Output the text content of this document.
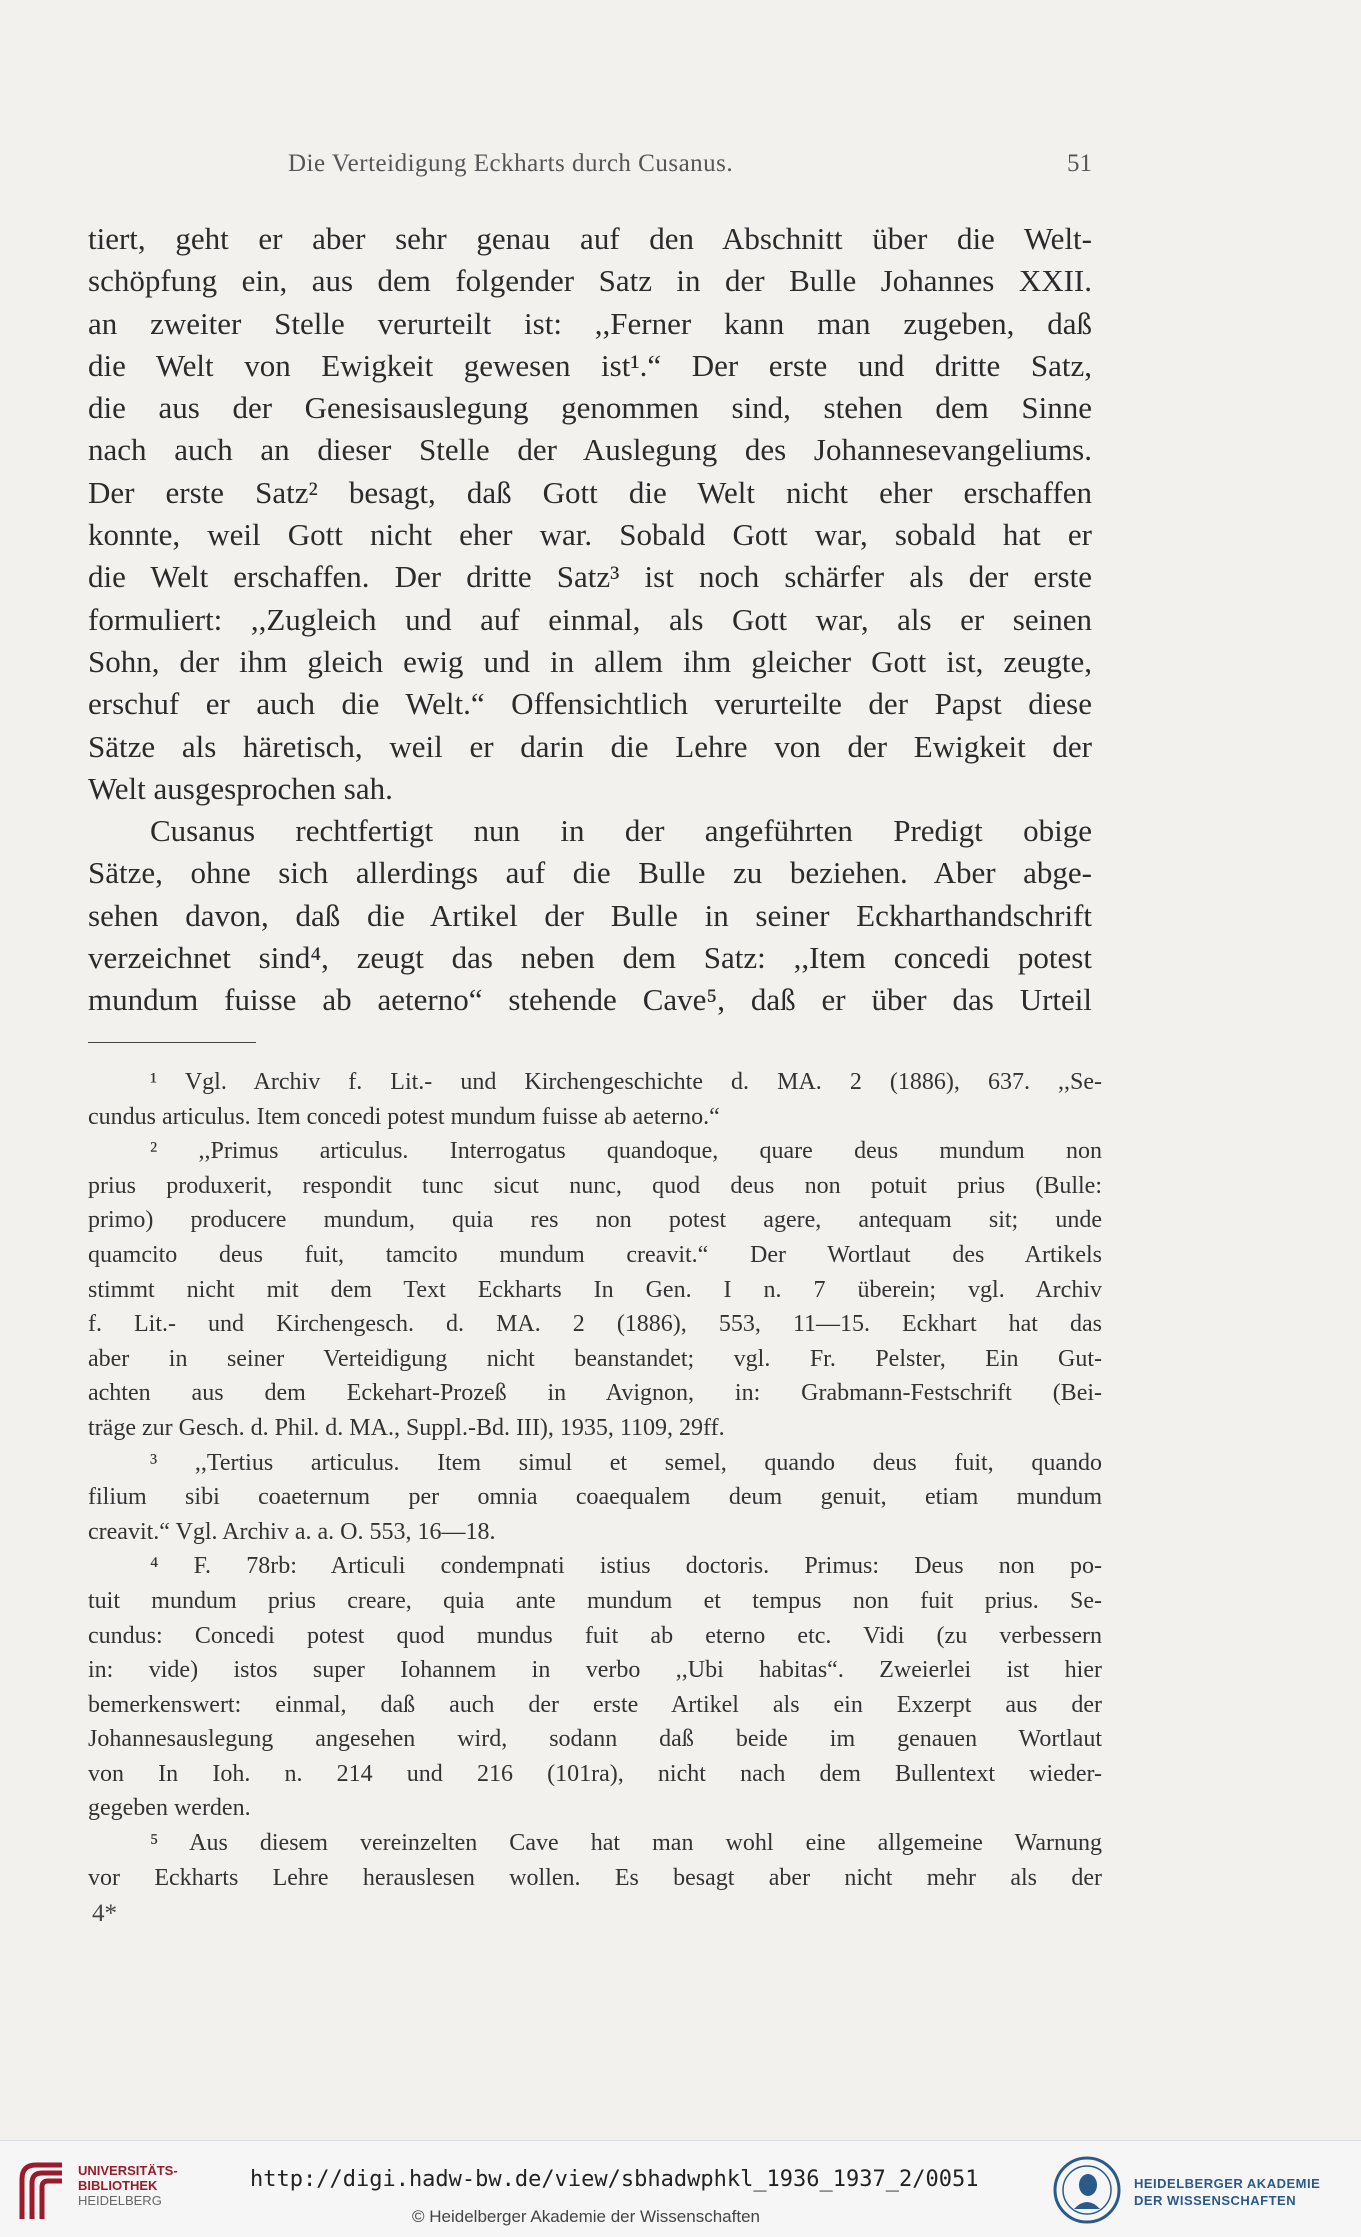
Die Verteidigung Eckharts durch Cusanus.	51
tiert, geht er aber sehr genau auf den Abschnitt über die Welt-
schöpfung ein, aus dem folgender Satz in der Bulle Johannes XXII.
an zweiter Stelle verurteilt ist: ,,Ferner kann man zugeben, daß
die Welt von Ewigkeit gewesen ist¹.“ Der erste und dritte Satz,
die aus der Genesisauslegung genommen sind, stehen dem Sinne
nach auch an dieser Stelle der Auslegung des Johannesevangeliums.
Der erste Satz² besagt, daß Gott die Welt nicht eher erschaffen
konnte, weil Gott nicht eher war. Sobald Gott war, sobald hat er
die Welt erschaffen. Der dritte Satz³ ist noch schärfer als der erste
formuliert: ,,Zugleich und auf einmal, als Gott war, als er seinen
Sohn, der ihm gleich ewig und in allem ihm gleicher Gott ist, zeugte,
erschuf er auch die Welt.“ Offensichtlich verurteilte der Papst diese
Sätze als häretisch, weil er darin die Lehre von der Ewigkeit der
Welt ausgesprochen sah.
Cusanus rechtfertigt nun in der angeführten Predigt obige
Sätze, ohne sich allerdings auf die Bulle zu beziehen. Aber abge-
sehen davon, daß die Artikel der Bulle in seiner Eckharthandschrift
verzeichnet sind⁴, zeugt das neben dem Satz: ,,Item concedi potest
mundum fuisse ab aeterno“ stehende Cave⁵, daß er über das Urteil
¹ Vgl. Archiv f. Lit.- und Kirchengeschichte d. MA. 2 (1886), 637. ,,Se-
cundus articulus. Item concedi potest mundum fuisse ab aeterno.“
² ,,Primus articulus. Interrogatus quandoque, quare deus mundum non
prius produxerit, respondit tunc sicut nunc, quod deus non potuit prius (Bulle:
primo) producere mundum, quia res non potest agere, antequam sit; unde
quamcito deus fuit, tamcito mundum creavit.“ Der Wortlaut des Artikels
stimmt nicht mit dem Text Eckharts In Gen. I n. 7 überein; vgl. Archiv
f. Lit.- und Kirchengesch. d. MA. 2 (1886), 553, 11—15. Eckhart hat das
aber in seiner Verteidigung nicht beanstandet; vgl. Fr. Pelster, Ein Gut-
achten aus dem Eckehart-Prozeß in Avignon, in: Grabmann-Festschrift (Bei-
träge zur Gesch. d. Phil. d. MA., Suppl.-Bd. III), 1935, 1109, 29ff.
³ ,,Tertius articulus. Item simul et semel, quando deus fuit, quando
filium sibi coaeternum per omnia coaequalem deum genuit, etiam mundum
creavit.“ Vgl. Archiv a. a. O. 553, 16—18.
⁴ F. 78rb: Articuli condempnati istius doctoris. Primus: Deus non po-
tuit mundum prius creare, quia ante mundum et tempus non fuit prius. Se-
cundus: Concedi potest quod mundus fuit ab eterno etc. Vidi (zu verbessern
in: vide) istos super Iohannem in verbo ,,Ubi habitas“. Zweierlei ist hier
bemerkenswert: einmal, daß auch der erste Artikel als ein Exzerpt aus der
Johannesauslegung angesehen wird, sodann daß beide im genauen Wortlaut
von In Ioh. n. 214 und 216 (101ra), nicht nach dem Bullentext wieder-
gegeben werden.
⁵ Aus diesem vereinzelten Cave hat man wohl eine allgemeine Warnung
vor Eckharts Lehre herauslesen wollen. Es besagt aber nicht mehr als der
4*
UNIVERSITÄTS-
BIBLIOTHEK
HEIDELBERG
http://digi.hadw-bw.de/view/sbhadwphkl_1936_1937_2/0051
© Heidelberger Akademie der Wissenschaften
HEIDELBERGER AKADEMIE
DER WISSENSCHAFTEN
